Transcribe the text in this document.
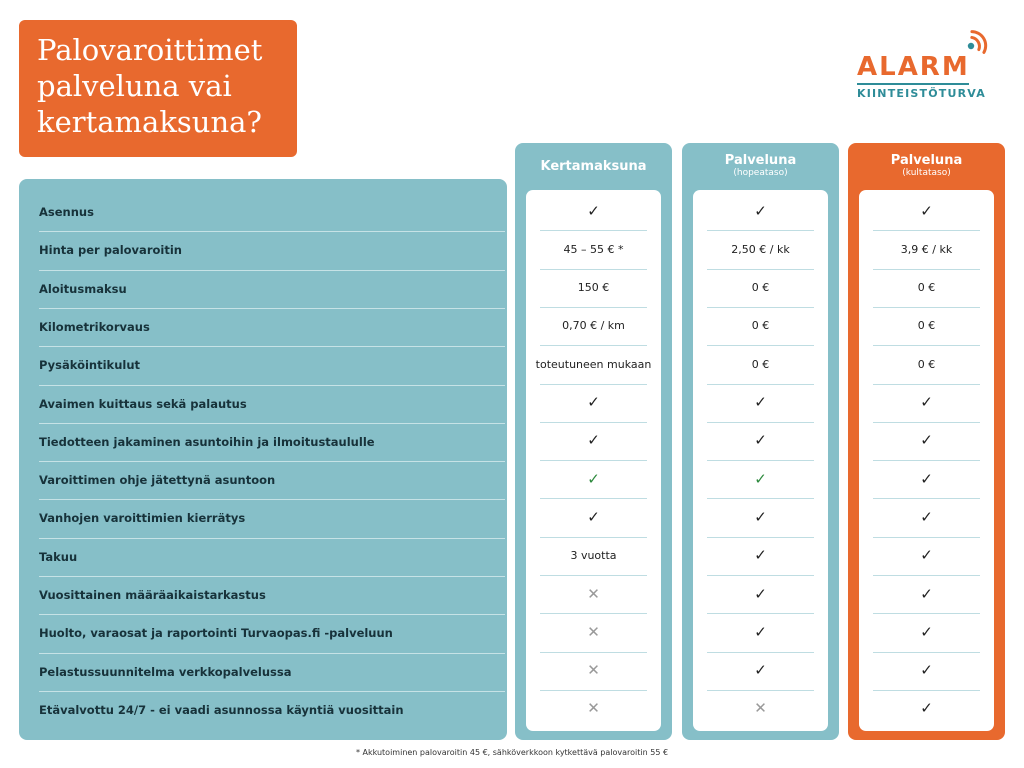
Palovaroittimet
palveluna vai
kertamaksuna?
ALARM
KIINTEISTÖTURVA
Asennus
Hinta per palovaroitin
Aloitusmaksu
Kilometrikorvaus
Pysäköintikulut
Avaimen kuittaus sekä palautus
Tiedotteen jakaminen asuntoihin ja ilmoitustaululle
Varoittimen ohje jätettynä asuntoon
Vanhojen varoittimien kierrätys
Takuu
Vuosittainen määräaikaistarkastus
Huolto, varaosat ja raportointi Turvaopas.fi -palveluun
Pelastussuunnitelma verkkopalvelussa
Etävalvottu 24/7 - ei vaadi asunnossa käyntiä vuosittain
Kertamaksuna
✓
45 – 55 € *
150 €
0,70 € / km
toteutuneen mukaan
✓
✓
✓
✓
3 vuotta
✕
✕
✕
✕
Palveluna
(hopeataso)
✓
2,50 € / kk
0 €
0 €
0 €
✓
✓
✓
✓
✓
✓
✓
✓
✕
Palveluna
(kultataso)
✓
3,9 € / kk
0 €
0 €
0 €
✓
✓
✓
✓
✓
✓
✓
✓
✓
* Akkutoiminen palovaroitin 45 €, sähköverkkoon kytkettävä palovaroitin 55 €
